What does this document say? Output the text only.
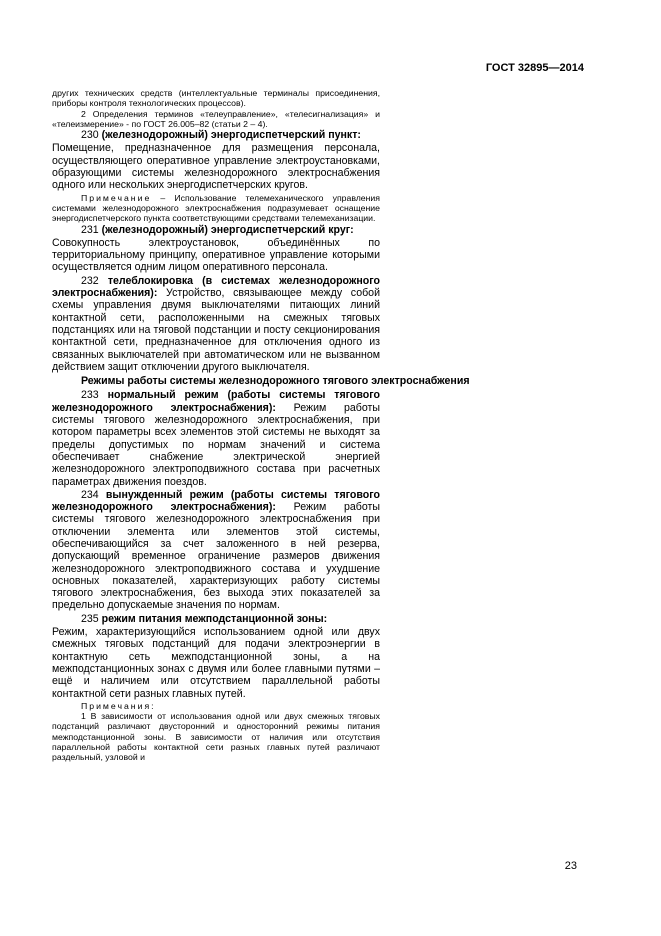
ГОСТ 32895—2014

других технических средств (интеллектуальные терминалы присоединения, приборы контроля технологических процессов).

2 Определения терминов «телеуправление», «телесигнализация» и «телеизмерение» - по ГОСТ 26.005–82 (статьи 2 – 4).

230 (железнодорожный) энергодиспетчерский пункт:

Помещение, предназначенное для размещения персонала, осуществляющего оперативное управление электроустановками, образующими системы железнодорожного электроснабжения одного или нескольких энергодиспетчерских кругов.

Примечание – Использование телемеханического управления системами железнодорожного электроснабжения подразумевает оснащение энергодиспетчерского пункта соответствующими средствами телемеханизации.

231 (железнодорожный) энергодиспетчерский круг:

Совокупность электроустановок, объединённых по территориальному принципу, оперативное управление которыми осуществляется одним лицом оперативного персонала.

232 телеблокировка (в системах железнодорожного электроснабжения): Устройство, связывающее между собой схемы управления двумя выключателями питающих линий контактной сети, расположенными на смежных тяговых подстанциях или на тяговой подстанции и посту секционирования контактной сети, предназначенное для отключения одного из связанных выключателей при автоматическом или не вызванном действием защит отключении другого выключателя.

Режимы работы системы железнодорожного тягового электроснабжения

233 нормальный режим (работы системы тягового железнодорожного электроснабжения): Режим работы системы тягового железнодорожного электроснабжения, при котором параметры всех элементов этой системы не выходят за пределы допустимых по нормам значений и система обеспечивает снабжение электрической энергией железнодорожного электроподвижного состава при расчетных параметрах движения поездов.

234 вынужденный режим (работы системы тягового железнодорожного электроснабжения): Режим работы системы тягового железнодорожного электроснабжения при отключении элемента или элементов этой системы, обеспечивающийся за счет заложенного в ней резерва, допускающий временное ограничение размеров движения железнодорожного электроподвижного состава и ухудшение основных показателей, характеризующих работу системы тягового электроснабжения, без выхода этих показателей за предельно допускаемые значения по нормам.

235 режим питания межподстанционной зоны:

Режим, характеризующийся использованием одной или двух смежных тяговых подстанций для подачи электроэнергии в контактную сеть межподстанционной зоны, а на межподстанционных зонах с двумя или более главными путями – ещё и наличием или отсутствием параллельной работы контактной сети разных главных путей.

Примечания:

1 В зависимости от использования одной или двух смежных тяговых подстанций различают двусторонний и односторонний режимы питания межподстанционной зоны. В зависимости от наличия или отсутствия параллельной работы контактной сети разных главных путей различают раздельный, узловой и

23
